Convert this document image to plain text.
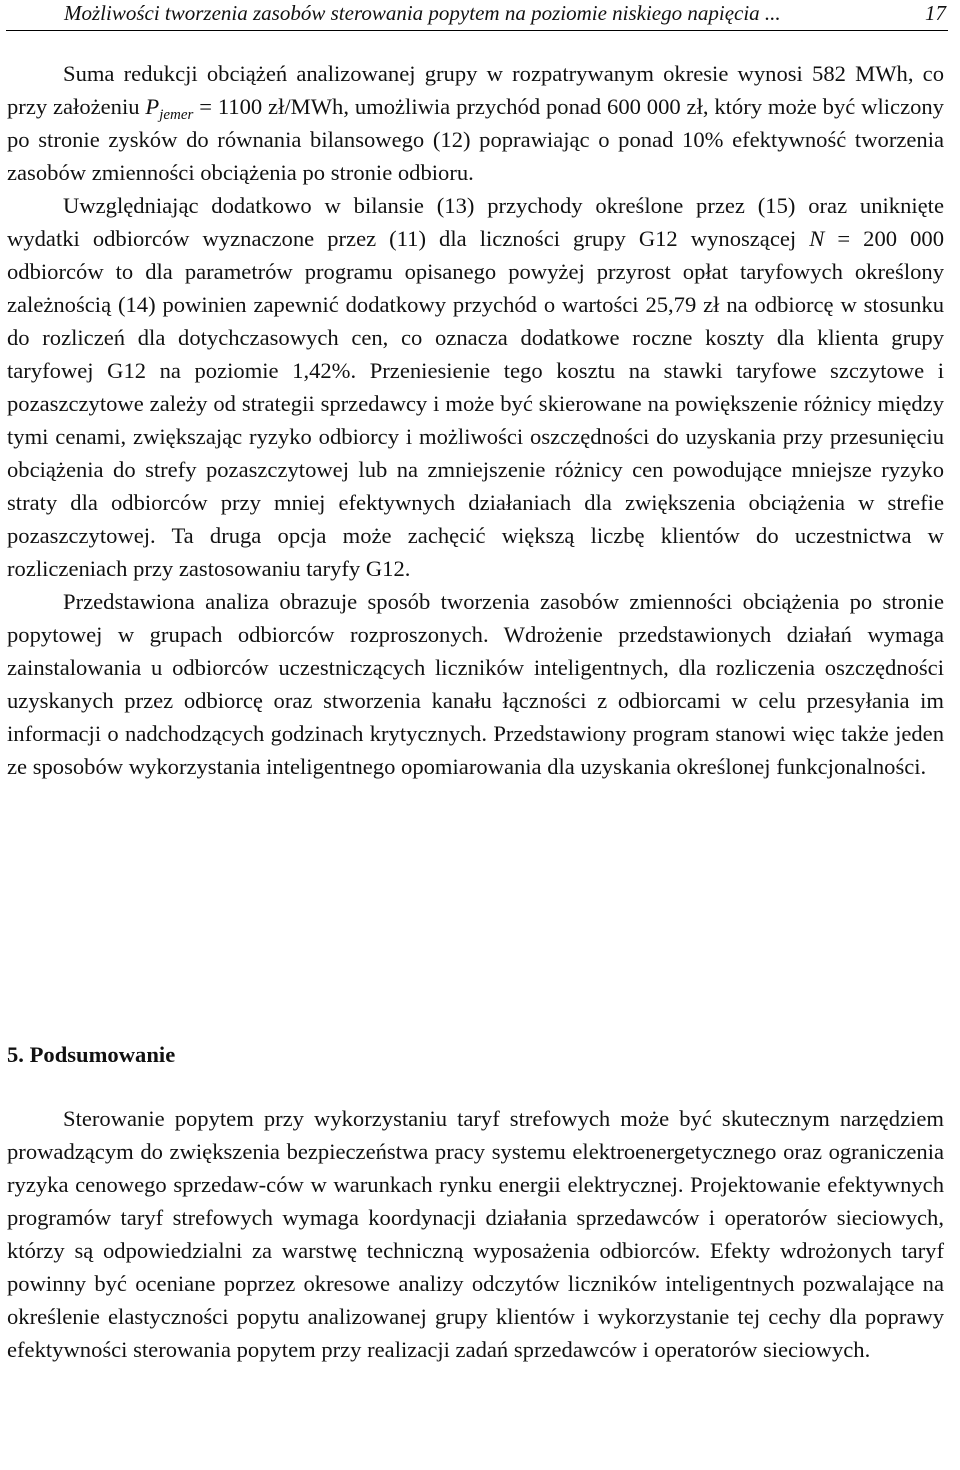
Możliwości tworzenia zasobów sterowania popytem na poziomie niskiego napięcia ...	17

Suma redukcji obciążeń analizowanej grupy w rozpatrywanym okresie wynosi 582 MWh, co przy założeniu $P_{jemer} = 1100$ zł/MWh, umożliwia przychód ponad 600 000 zł, który może być wliczony po stronie zysków do równania bilansowego (12) poprawiając o ponad 10% efektywność tworzenia zasobów zmienności obciążenia po stronie odbioru.

Uwzględniając dodatkowo w bilansie (13) przychody określone przez (15) oraz uniknięte wydatki odbiorców wyznaczone przez (11) dla liczności grupy G12 wynoszącej N = 200 000 odbiorców to dla parametrów programu opisanego powyżej przyrost opłat taryfowych określony zależnością (14) powinien zapewnić dodatkowy przychód o wartości 25,79 zł na odbiorcę w stosunku do rozliczeń dla dotychczasowych cen, co oznacza dodatkowe roczne koszty dla klienta grupy taryfowej G12 na poziomie 1,42%. Przeniesienie tego kosztu na stawki taryfowe szczytowe i pozaszczytowe zależy od strategii sprzedawcy i może być skierowane na powiększenie różnicy między tymi cenami, zwiększając ryzyko odbiorcy i możliwości oszczędności do uzyskania przy przesunięciu obciążenia do strefy pozaszczytowej lub na zmniejszenie różnicy cen powodujące mniejsze ryzyko straty dla odbiorców przy mniej efektywnych działaniach dla zwiększenia obciążenia w strefie pozaszczytowej. Ta druga opcja może zachęcić większą liczbę klientów do uczestnictwa w rozliczeniach przy zastosowaniu taryfy G12.

Przedstawiona analiza obrazuje sposób tworzenia zasobów zmienności obciążenia po stronie popytowej w grupach odbiorców rozproszonych. Wdrożenie przedstawionych działań wymaga zainstalowania u odbiorców uczestniczących liczników inteligentnych, dla rozliczenia oszczędności uzyskanych przez odbiorcę oraz stworzenia kanału łączności z odbiorcami w celu przesyłania im informacji o nadchodzących godzinach krytycznych. Przedstawiony program stanowi więc także jeden ze sposobów wykorzystania inteligentnego opomiarowania dla uzyskania określonej funkcjonalności.

5. Podsumowanie

Sterowanie popytem przy wykorzystaniu taryf strefowych może być skutecznym narzędziem prowadzącym do zwiększenia bezpieczeństwa pracy systemu elektroenergetycznego oraz ograniczenia ryzyka cenowego sprzedaw-ców w warunkach rynku energii elektrycznej. Projektowanie efektywnych programów taryf strefowych wymaga koordynacji działania sprzedawców i operatorów sieciowych, którzy są odpowiedzialni za warstwę techniczną wyposażenia odbiorców. Efekty wdrożonych taryf powinny być oceniane poprzez okresowe analizy odczytów liczników inteligentnych pozwalające na określenie elastyczności popytu analizowanej grupy klientów i wykorzystanie tej cechy dla poprawy efektywności sterowania popytem przy realizacji zadań sprzedawców i operatorów sieciowych.
